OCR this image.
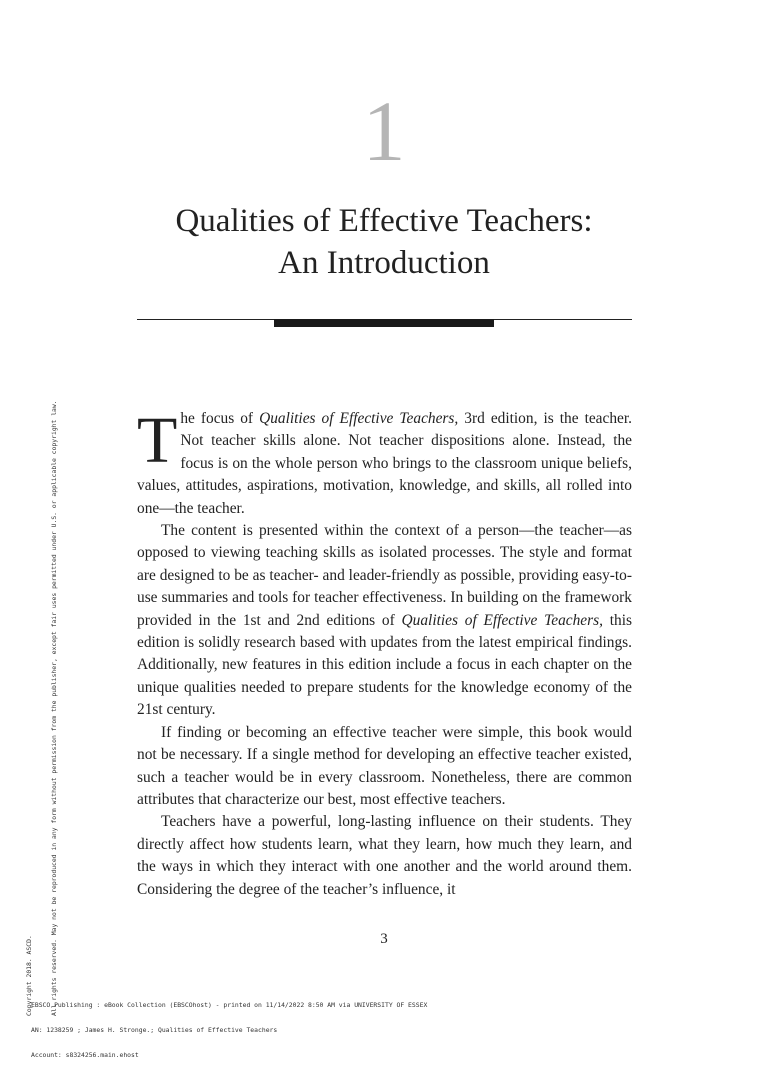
1
Qualities of Effective Teachers:
An Introduction

The focus of Qualities of Effective Teachers, 3rd edition, is the teacher. Not teacher skills alone. Not teacher dispositions alone. Instead, the focus is on the whole person who brings to the classroom unique beliefs, values, attitudes, aspirations, motivation, knowledge, and skills, all rolled into one—the teacher.

The content is presented within the context of a person—the teacher—as opposed to viewing teaching skills as isolated processes. The style and format are designed to be as teacher- and leader-friendly as possible, providing easy-to-use summaries and tools for teacher effectiveness. In building on the framework provided in the 1st and 2nd editions of Qualities of Effective Teachers, this edition is solidly research based with updates from the latest empirical findings. Additionally, new features in this edition include a focus in each chapter on the unique qualities needed to prepare students for the knowledge economy of the 21st century.

If finding or becoming an effective teacher were simple, this book would not be necessary. If a single method for developing an effective teacher existed, such a teacher would be in every classroom. Nonetheless, there are common attributes that characterize our best, most effective teachers.

Teachers have a powerful, long-lasting influence on their students. They directly affect how students learn, what they learn, how much they learn, and the ways in which they interact with one another and the world around them. Considering the degree of the teacher’s influence, it

3

EBSCO Publishing : eBook Collection (EBSCOhost) - printed on 11/14/2022 8:50 AM via UNIVERSITY OF ESSEX

AN: 1238259 ; James H. Stronge.; Qualities of Effective Teachers

Account: s8324256.main.ehost

Copyright 2018. ASCD.

	All rights reserved. May not be reproduced in any form without permission from the publisher, except fair uses permitted under U.S. or applicable copyright law.
